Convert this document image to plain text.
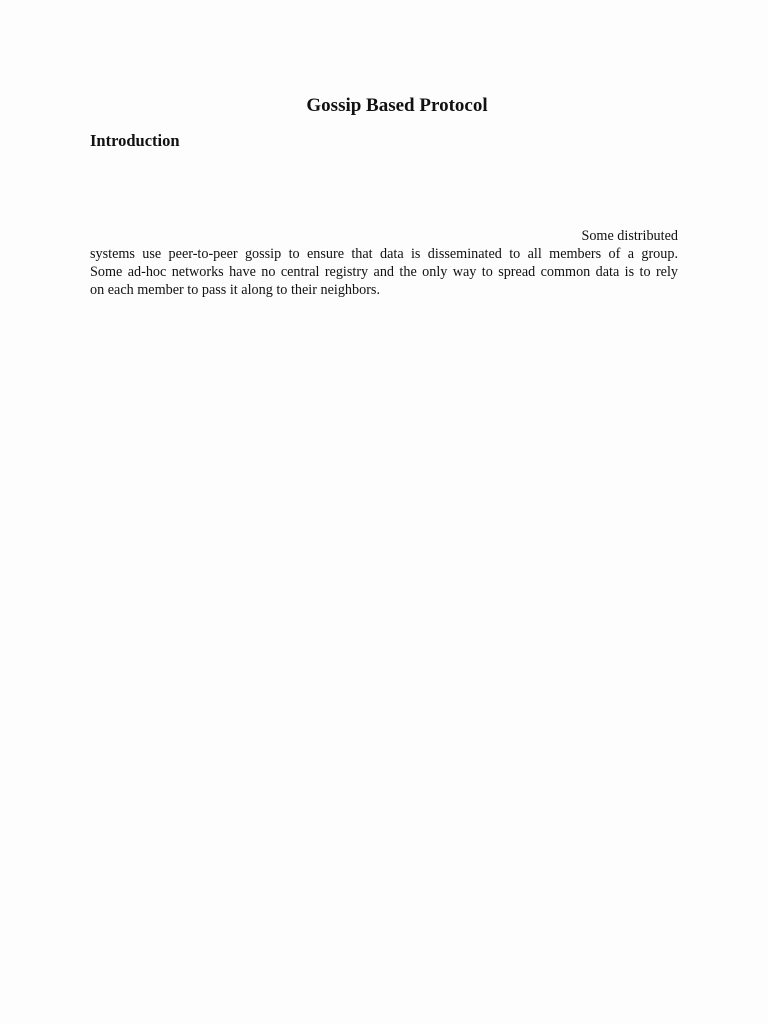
Gossip Based Protocol
Introduction

Some distributed
systems use peer-to-peer gossip to ensure that data is disseminated to all members of a group.
Some ad-hoc networks have no central registry and the only way to spread common data is to rely
on each member to pass it along to their neighbors.
